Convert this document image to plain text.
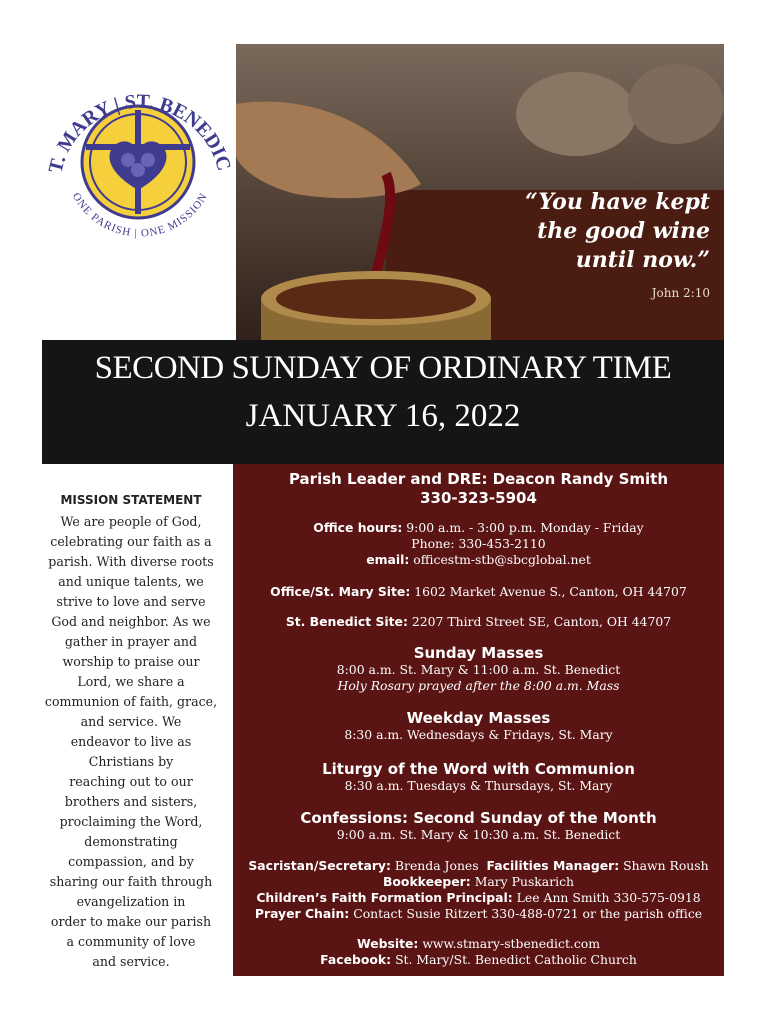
T. MARY | ST. BENEDIC
ONE PARISH | ONE MISSION	“You have kept
the good wine
until now.”
John 2:10
SECOND SUNDAY OF ORDINARY TIME
JANUARY 16, 2022
MISSION STATEMENT

We are people of God,
celebrating our faith as a
parish. With diverse roots
and unique talents, we
strive to love and serve
God and neighbor. As we
gather in prayer and
worship to praise our
Lord, we share a
communion of faith, grace,
and service. We
endeavor to live as
Christians by
reaching out to our
brothers and sisters,
proclaiming the Word,
demonstrating
compassion, and by
sharing our faith through
evangelization in
order to make our parish
a community of love
and service.

Parish Leader and DRE: Deacon Randy Smith
330-323-5904
Office hours: 9:00 a.m. - 3:00 p.m. Monday - Friday
Phone: 330-453-2110
email: officestm-stb@sbcglobal.net
Office/St. Mary Site: 1602 Market Avenue S., Canton, OH 44707
St. Benedict Site: 2207 Third Street SE, Canton, OH 44707
Sunday Masses
8:00 a.m. St. Mary & 11:00 a.m. St. Benedict
Holy Rosary prayed after the 8:00 a.m. Mass
Weekday Masses
8:30 a.m. Wednesdays & Fridays, St. Mary
Liturgy of the Word with Communion
8:30 a.m. Tuesdays & Thursdays, St. Mary
Confessions: Second Sunday of the Month
9:00 a.m. St. Mary & 10:30 a.m. St. Benedict
Sacristan/Secretary: Brenda Jones Facilities Manager: Shawn Roush
Bookkeeper: Mary Puskarich
Children’s Faith Formation Principal: Lee Ann Smith 330-575-0918
Prayer Chain: Contact Susie Ritzert 330-488-0721 or the parish office
Website: www.stmary-stbenedict.com
Facebook: St. Mary/St. Benedict Catholic Church
